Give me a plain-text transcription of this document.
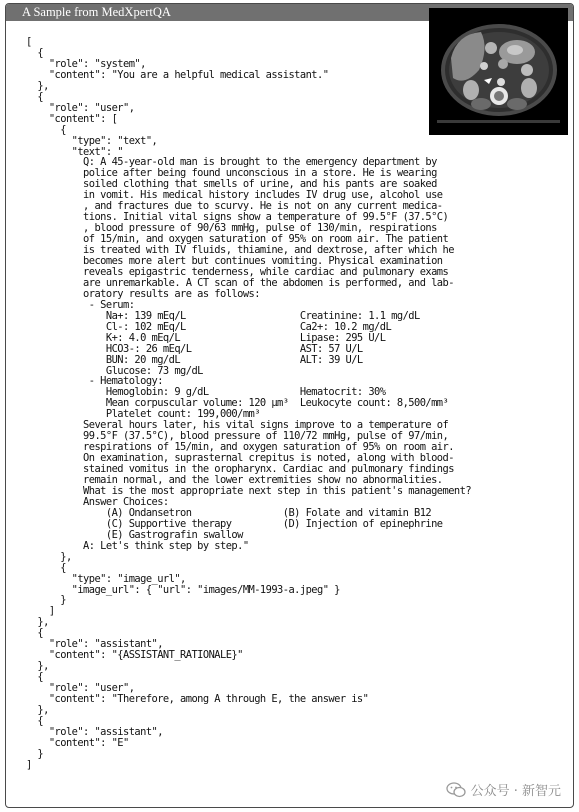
A Sample from MedXpertQA
[
{
"role": "system",
"content": "You are a helpful medical assistant."
},
{
"role": "user",
"content": [
{
"type": "text",
"text": "
Q: A 45-year-old man is brought to the emergency department by
police after being found unconscious in a store. He is wearing
soiled clothing that smells of urine, and his pants are soaked
in vomit. His medical history includes IV drug use, alcohol use
, and fractures due to scurvy. He is not on any current medica-
tions. Initial vital signs show a temperature of 99.5°F (37.5°C)
, blood pressure of 90/63 mmHg, pulse of 130/min, respirations
of 15/min, and oxygen saturation of 95% on room air. The patient
is treated with IV fluids, thiamine, and dextrose, after which he
becomes more alert but continues vomiting. Physical examination
reveals epigastric tenderness, while cardiac and pulmonary exams
are unremarkable. A CT scan of the abdomen is performed, and lab-
oratory results are as follows:
- Serum:
Na+: 139 mEq/L                    Creatinine: 1.1 mg/dL
Cl-: 102 mEq/L                    Ca2+: 10.2 mg/dL
K+: 4.0 mEq/L                     Lipase: 295 U/L
HCO3-: 26 mEq/L                   AST: 57 U/L
BUN: 20 mg/dL                     ALT: 39 U/L
Glucose: 73 mg/dL
- Hematology:
Hemoglobin: 9 g/dL                Hematocrit: 30%
Mean corpuscular volume: 120 µm³  Leukocyte count: 8,500/mm³
Platelet count: 199,000/mm³
Several hours later, his vital signs improve to a temperature of
99.5°F (37.5°C), blood pressure of 110/72 mmHg, pulse of 97/min,
respirations of 15/min, and oxygen saturation of 95% on room air.
On examination, suprasternal crepitus is noted, along with blood-
stained vomitus in the oropharynx. Cardiac and pulmonary findings
remain normal, and the lower extremities show no abnormalities.
What is the most appropriate next step in this patient's management?
Answer Choices:
(A) Ondansetron                (B) Folate and vitamin B12
(C) Supportive therapy         (D) Injection of epinephrine
(E) Gastrografin swallow
A: Let's think step by step."
},
{
"type": "image_url",
"image_url": { "url": "images/MM-1993-a.jpeg" }
}
]
},
{
"role": "assistant",
"content": "{ASSISTANT_RATIONALE}"
},
{
"role": "user",
"content": "Therefore, among A through E, the answer is"
},
{
"role": "assistant",
"content": "E"
}
]
公众号 · 新智元
